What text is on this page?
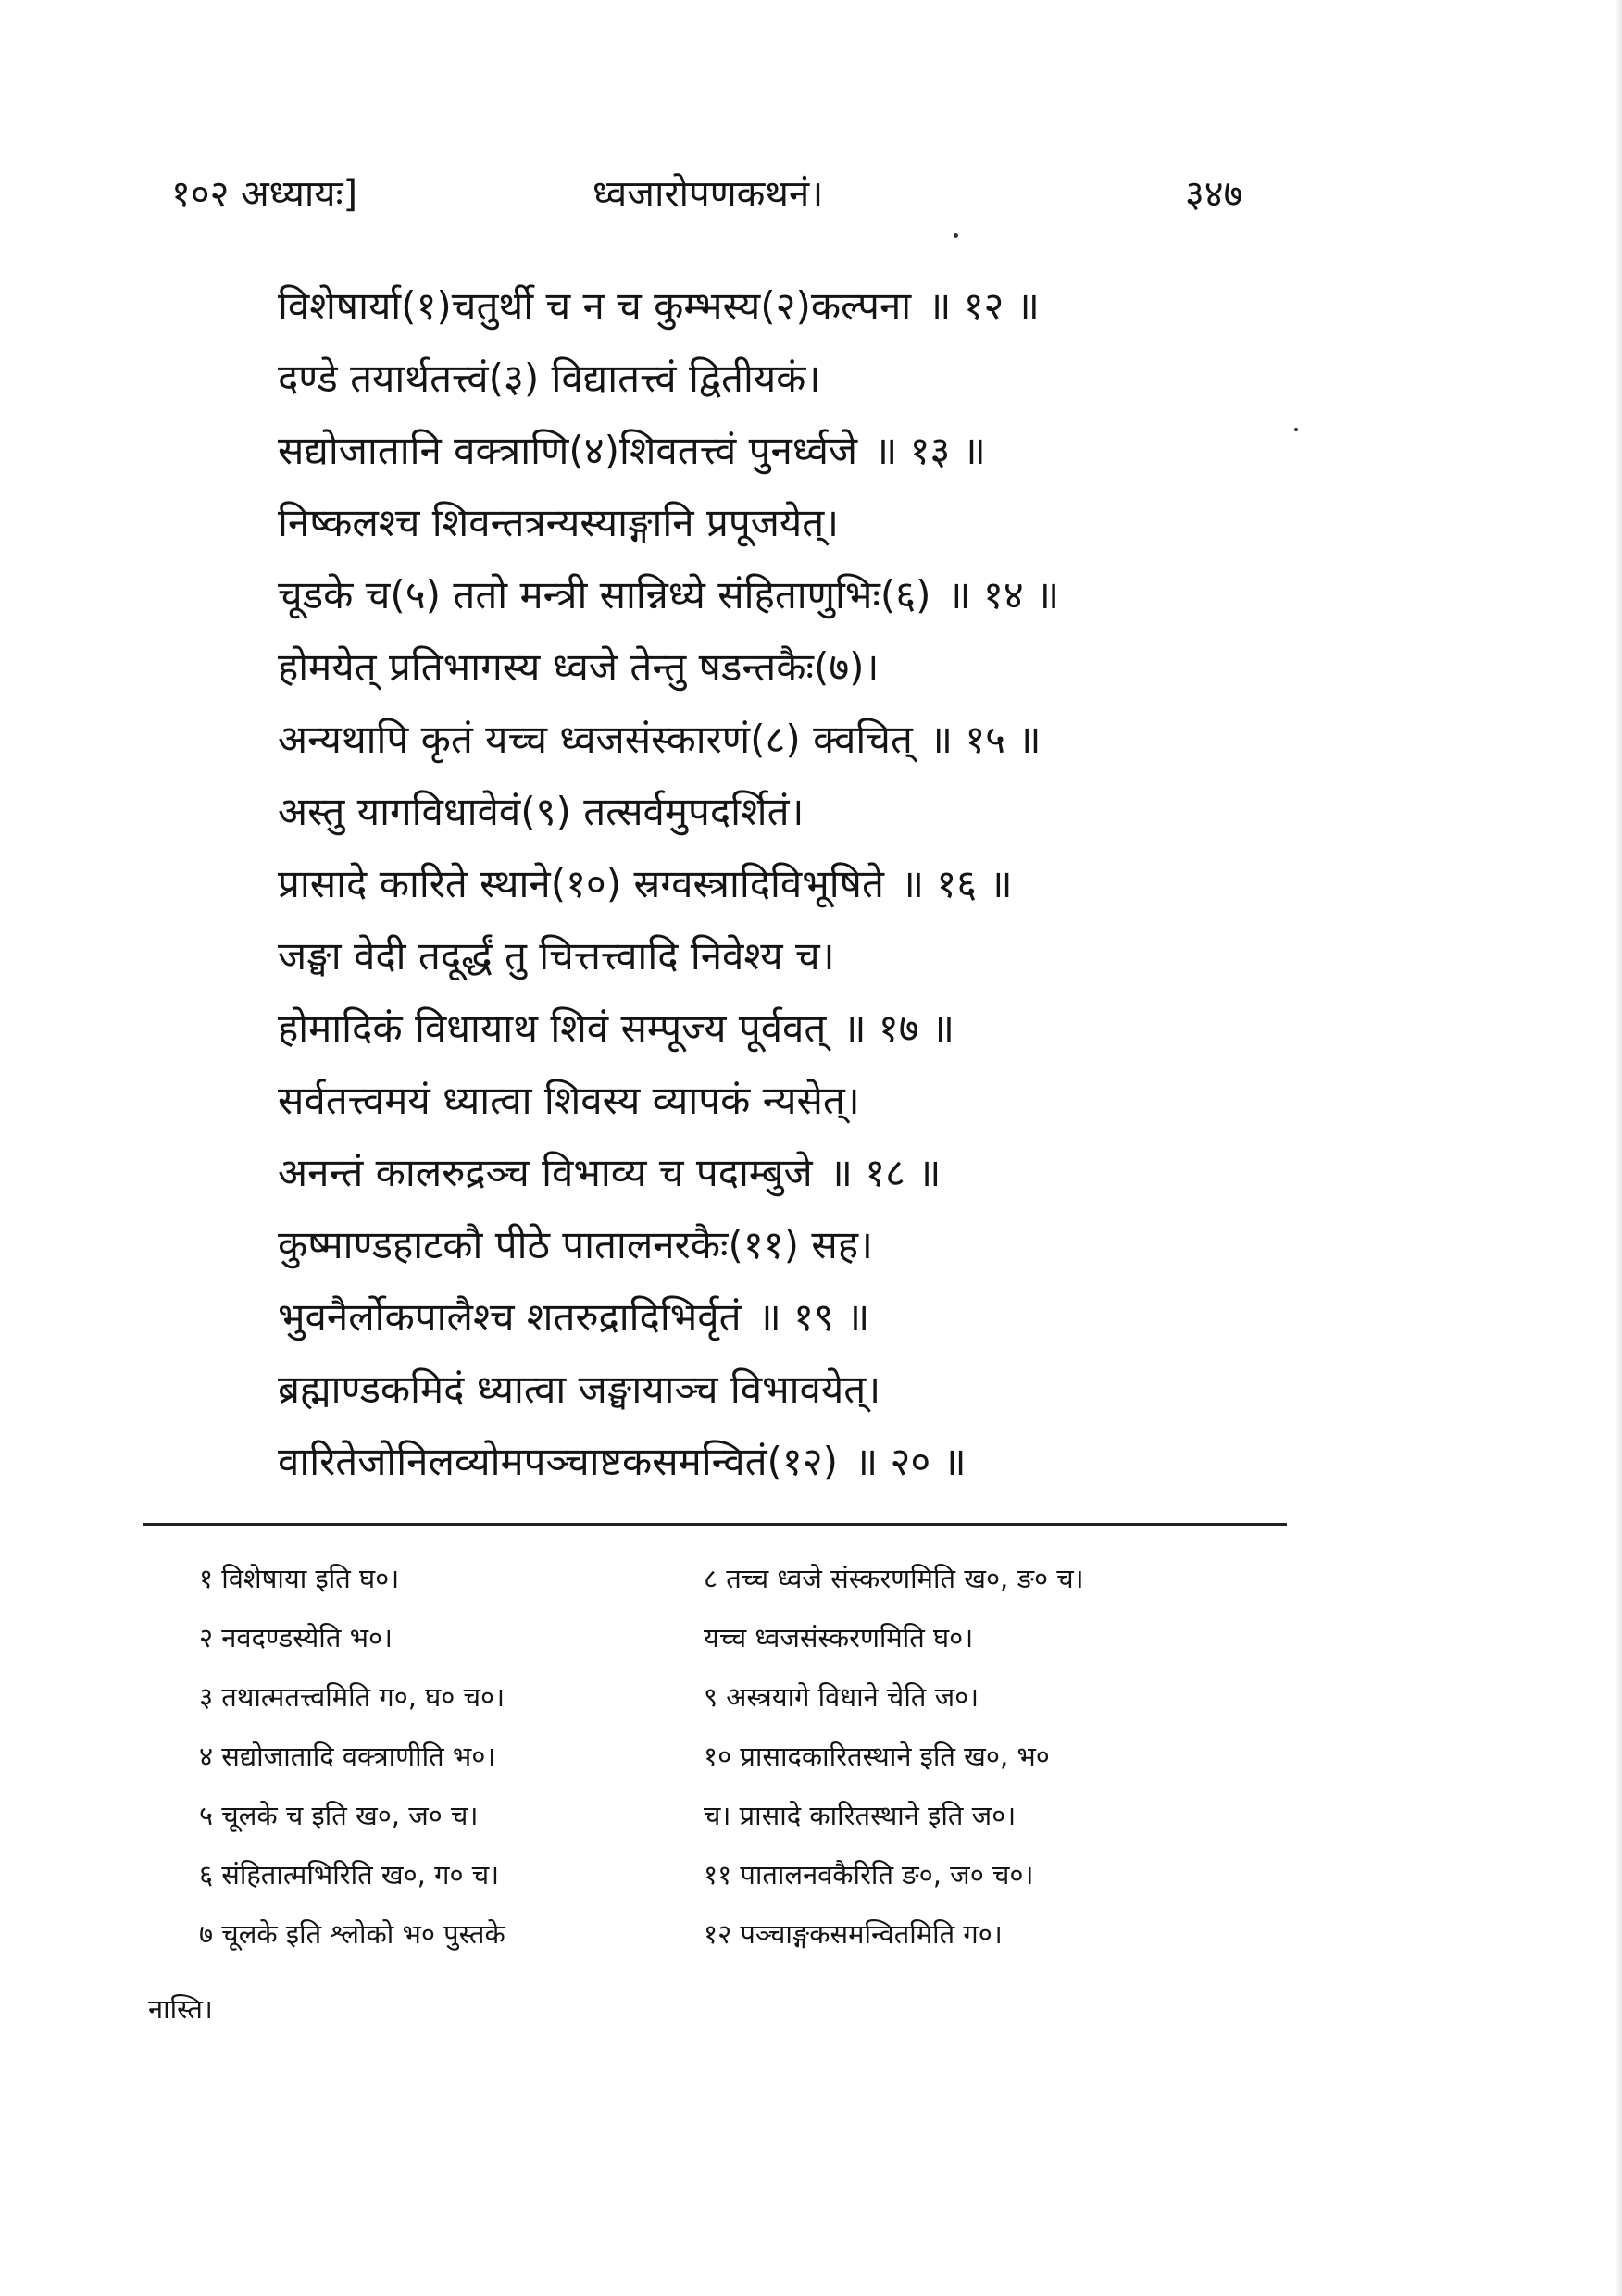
१०२ अध्यायः]	ध्वजारोपणकथनं।	३४७
विशेषार्या(१)चतुर्थी च न च कुम्भस्य(२)कल्पना ॥ १२ ॥
दण्डे तयार्थतत्त्वं(३) विद्यातत्त्वं द्वितीयकं।
सद्योजातानि वक्त्राणि(४)शिवतत्त्वं पुनर्ध्वजे ॥ १३ ॥
निष्कलश्च शिवन्तत्रन्यस्याङ्गानि प्रपूजयेत्।
चूडके च(५) ततो मन्त्री सान्निध्ये संहिताणुभिः(६) ॥ १४ ॥
होमयेत् प्रतिभागस्य ध्वजे तेन्तु षडन्तकैः(७)।
अन्यथापि कृतं यच्च ध्वजसंस्कारणं(८) क्वचित् ॥ १५ ॥
अस्तु यागविधावेवं(९) तत्सर्वमुपदर्शितं।
प्रासादे कारिते स्थाने(१०) स्रग्वस्त्रादिविभूषिते ॥ १६ ॥
जङ्घा वेदी तदूर्द्धं तु चित्तत्त्वादि निवेश्य च।
होमादिकं विधायाथ शिवं सम्पूज्य पूर्ववत् ॥ १७ ॥
सर्वतत्त्वमयं ध्यात्वा शिवस्य व्यापकं न्यसेत्।
अनन्तं कालरुद्रञ्च विभाव्य च पदाम्बुजे ॥ १८ ॥
कुष्माण्डहाटकौ पीठे पातालनरकैः(११) सह।
भुवनैर्लोकपालैश्च शतरुद्रादिभिर्वृतं ॥ १९ ॥
ब्रह्माण्डकमिदं ध्यात्वा जङ्घायाञ्च विभावयेत्।
वारितेजोनिलव्योमपञ्चाष्टकसमन्वितं(१२) ॥ २० ॥
१ विशेषाया इति घ०।	८ तच्च ध्वजे संस्करणमिति ख०, ङ० च।
२ नवदण्डस्येति भ०।	यच्च ध्वजसंस्करणमिति घ०।
३ तथात्मतत्त्वमिति ग०, घ० च०।	९ अस्त्रयागे विधाने चेति ज०।
४ सद्योजातादि वक्त्राणीति भ०।	१० प्रासादकारितस्थाने इति ख०, भ०
५ चूलके च इति ख०, ज० च।	च। प्रासादे कारितस्थाने इति ज०।
६ संहितात्मभिरिति ख०, ग० च।	११ पातालनवकैरिति ङ०, ज० च०।
७ चूलके इति श्लोको भ० पुस्तके	१२ पञ्चाङ्गकसमन्वितमिति ग०।
नास्ति।
